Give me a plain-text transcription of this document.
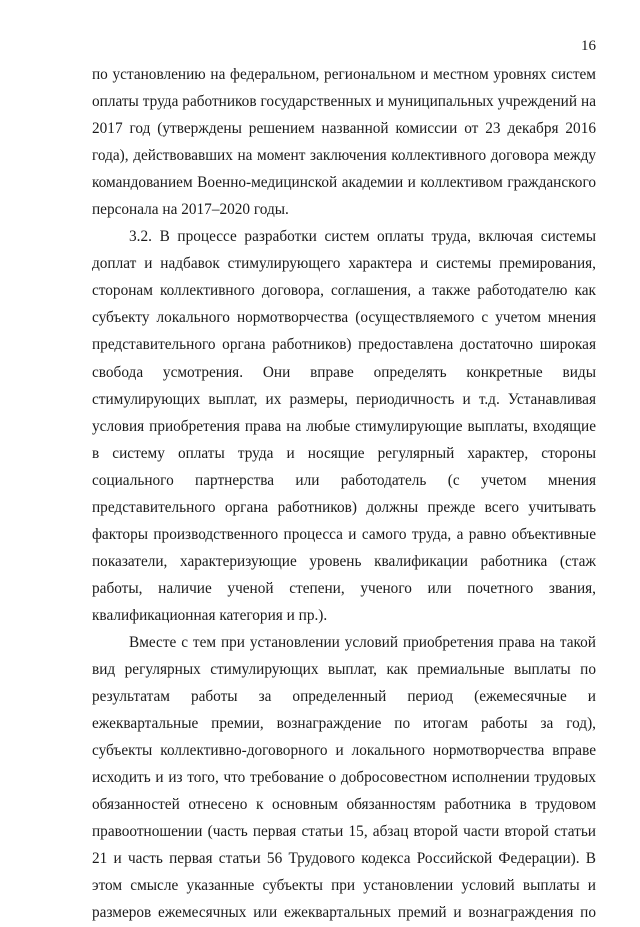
16

по установлению на федеральном, региональном и местном уровнях систем оплаты труда работников государственных и муниципальных учреждений на 2017 год (утверждены решением названной комиссии от 23 декабря 2016 года), действовавших на момент заключения коллективного договора между командованием Военно-медицинской академии и коллективом гражданского персонала на 2017–2020 годы.

3.2. В процессе разработки систем оплаты труда, включая системы доплат и надбавок стимулирующего характера и системы премирования, сторонам коллективного договора, соглашения, а также работодателю как субъекту локального нормотворчества (осуществляемого с учетом мнения представительного органа работников) предоставлена достаточно широкая свобода усмотрения. Они вправе определять конкретные виды стимулирующих выплат, их размеры, периодичность и т.д. Устанавливая условия приобретения права на любые стимулирующие выплаты, входящие в систему оплаты труда и носящие регулярный характер, стороны социального партнерства или работодатель (с учетом мнения представительного органа работников) должны прежде всего учитывать факторы производственного процесса и самого труда, а равно объективные показатели, характеризующие уровень квалификации работника (стаж работы, наличие ученой степени, ученого или почетного звания, квалификационная категория и пр.).

Вместе с тем при установлении условий приобретения права на такой вид регулярных стимулирующих выплат, как премиальные выплаты по результатам работы за определенный период (ежемесячные и ежеквартальные премии, вознаграждение по итогам работы за год), субъекты коллективно-договорного и локального нормотворчества вправе исходить и из того, что требование о добросовестном исполнении трудовых обязанностей отнесено к основным обязанностям работника в трудовом правоотношении (часть первая статьи 15, абзац второй части второй статьи 21 и часть первая статьи 56 Трудового кодекса Российской Федерации). В этом смысле указанные субъекты при установлении условий выплаты и размеров ежемесячных или ежеквартальных премий и вознаграждения по
